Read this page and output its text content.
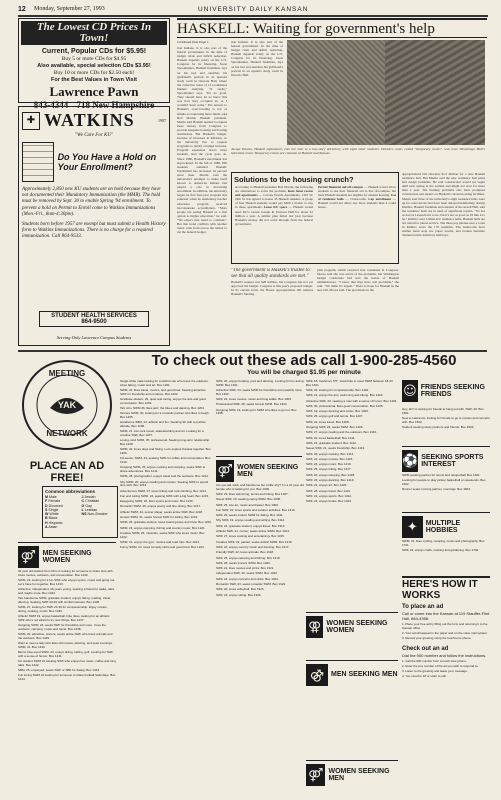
12 Monday, September 27, 1993	UNIVERSITY DAILY KANSAN
The Lowest CD Prices In Town!
Current, Popular CDs for $5.95!
Buy 5 or more CDs for $4.95
Also available, special selection CDs $3.95!
Buy 10 or more CDs for $2.50 each!
For the Best Values in Town Visit
Lawrence Pawn
843-4344 718 New Hampshire
✚ WATKINS	1907
"We Care For KU"
Do You Have a Hold on Your Enrollment?
Approximately 2,850 new KU students are on hold because they have not documented their Mandatory Immunization (the MMR). The hold must be removed by Sept. 30 to enable Spring '94 enrollment. To prevent a hold on Permit to Enroll come to Watkins Immunizations (Mon.-Fri., 8am-4:30pm).
Students born before 1957 are exempt but must submit a Health History form to Watkins Immunizations. There is no charge for a required immunization. Call 864-9533.
STUDENT HEALTH SERVICES
864-9500
Serving Only Lawrence Campus Students
HASKELL: Waiting for government's help
Continued from Page 1.
tion Indians. It is also part of the federal government. In the time of budget crisis and deficit reduction, Haskell depends solely on the U.S. Congress for its financing. Jason Spoonhunter, Haskell freshman, lays on his bed and sketches his girlfriend's portrait in an upstairs study room in Osceola Hall, where the collective noise of 12 roommates hinders studying. "It sucks," Spoonhunter says. "It's no good. They should have let us know this was how they occupied us, or I wouldn't have come." The answer to Haskell's overcrowding is not as simple as requesting more funds, said Bob Martin, Haskell president. Martin said Haskell needed to request more money from Congress to provide adequate housing and hosting dormitories. But Haskell's budget, because of increases in inflation, so the university has to request programs to justify a budget increase. Program expansion draws more students. And the cycle goes on. Since 1980, Haskell's enrollment has skyrocketed. In the fall of 1986, 865 students attended Haskell. Enrollment has increased 19 percent since then. Martin said the university's attempts to make itself known to American Indians had played a role in increasing enrollment. In addition, the university began its first four-year program this semester when its elementary teacher education program received baccalaureate accreditation. "More people are seeing Haskell as a first option to higher education," he said. "We expect that trend to continue." But that trend conflicts with another trend: calls from across the nation to cut the federal budget.
tion Indians. It is also part of the federal government. In the time of budget crisis and deficit reduction, Haskell depends solely on the U.S. Congress for its financing. Jason Spoonhunter, Haskell freshman, lays on his bed and sketches his girlfriend's portrait in an upstairs study room in Osceola Hall.
Jacqui Dovelo, Haskell sophomore, cuts her hair in a two-story dormitory with eight other students. Dovelo's room, called "temporary rooms", was once Winnebago Hall's television room. Temporary rooms are common at Haskell and Kansas.
Solutions to the housing crunch?
According to Haskell president Bob Martin, the following are alternatives to solve the problem. Rent hotel rooms and apartments — Colony Woods Apartments, 1301 W. 24th St. has agreed to house 45 Haskell students. A group of four Haskell students would pay $400 a month to stay in these apartments. Lease KU space — Haskell would need KU's vacant Joseph R. Pearson Hall for about $1 million a year. A similar plan failed last year because Haskell's money did not come through from the federal government.
Permit financial aid off-campus — Haskell would allow students to use their financial aid to live off-campus, but most Haskell students are eligible for student housing. Use of residence halls — Classrooms. Cap enrollment — Haskell would not allow any more students than it could house.
appropriations bill allocates $1.5 million for a new Haskell residence hall. But Martin said the new residence hall plans had design problems. He said construction would not begin until next spring at the earliest and might not start for more than a year. The funding problems also have prompted construction and repairs on Haskell's current housing facilities. Martin said three of the university's eight residence halls were up for renovations that have been delayed indefinitely. Randy Kimbro, Haskell freshman and resident of Roosevelt Hall, said the residence halls are in need of significant repairs. "It's not as bad as I expected it to be, but it's not as good as I'd like it to be," Kimbro said. Unlike KU residence halls, Haskell halls are not wired for phone service. The three pay phones near a room in Kimbro serve the 170 residents. The bathrooms have neither hand soap nor paper towels, and broken furniture cluttered some dormitory hallways.
"The government is Haskell's trustee to see that all quality standards are met."
Haskell's request was $28 million, but Congress has not yet approved the budget. Congress is this year's proposed budget. In its current form, the House appropriations bill reduces Haskell's funding.
plan program, which received less consensus in Congress. Moore said she was aware of the problems, but Washington budget constraints had tied the hands of Haskell administrators. "I know that they have real problems," she said. "We think it's urgent." There is hope for Haskell in the new bill. Moore said. The provisions in the
To check out these ads call 1-900-285-4560
You will be charged $1.95 per minute
MEETING
NETWORK
YAK
PLACE AN AD FREE!
Common abbreviations
M Male	J Jewish
F Female	C Christian
D Divorced	G Gay
S Single	L Lesbian
W White	NS Non-Smoker
B Black
H Hispanic
A Asian
⚤ MEN SEEKING WOMEN

34 year old student from Ohio is looking for someone to share time with. Likes movies, outdoors, and conversation. Box 1432.

SWM, 22, looking for a fun SWF who enjoys sports, music and going out. Let's have fun together. Box 1433.

Attractive, independent, 26 years young, seeking a friend for walks, talks and maybe more. Box 1434.

Tall, handsome SWM, graduate student, enjoys hiking, reading, travel, dancing. Seeking SWF 20-30 with similar interests. Box 1435.

SWM, 27, looking for SWF 21-30 for companionship. Enjoy movies, dining, cooking, music. Box 1436.

Athletic SWM 19, enjoys basketball, bike rides, looking for an athletic SWF who's not afraid to try new things. Box 1437.

Outgoing SWM, 23, seeks SWF for friendship and more. I love the outdoors, camping, music and travel. Box 1438.

SWM, 20, attractive, sincere, seeks active SWF who loves animals and the outdoors. Box 1439.

Want to meet a lady who likes old movies, dancing, and quiet evenings. SWM, 31. Box 1440.

Blond, blue-eyed SWM, 24, enjoys skiing, sailing, golf. Looking for SWF with a sense of humor. Box 1441.

KU student SWM 21 seeking SWF who enjoys live music, coffee and long talks. Box 1442.

SBM, 25, employed, seeks SWF or SBF for dating. Box 1443.

Fun loving SWM 22 looking for someone to share football Saturdays. Box 1444.

Single white male looking for a tactful man who loves the outdoors. Likes hiking, music and art. Box 1201.

SWM, 23, likes travel, movies, and good food. Seeking attractive SWF for friendship and romance. Box 1202.

Graduate student, 29, quiet and caring, enjoys the arts and good conversation. Box 1203.

Tall, slim, SWM 26, likes jazz, the blues and dancing. Box 1204.

Sincere SWM, 30, looking for a romantic partner who likes to laugh. Box 1205.

Handsome SBM, 24, athletic and fun. Seeking SF with a positive attitude. Box 1206.

SWM, 21, into rock music, skateboarding and art. Looking for a creative SWF. Box 1207.

Loving, kind SWM, 35, professional. Seeking long-term relationship. Box 1208.

SWM, 22, loves dogs and hiking. Let's explore Kansas together. Box 1209.

KU senior, SWM, 23, seeking SWF for coffee and conversation. Box 1210.

Outgoing SWM, 25, enjoys cooking and camping, seeks SWF to share adventures. Box 1211.

SWM, 28, photographer, enjoys travel and the outdoors. Box 1212.

Shy SWM, 20, enjoys reading and movies. Seeking SWF to spend time with. Box 1213.

Adventurous SWM, 27, loves biking and rock climbing. Box 1214.

Fun and caring SWM, 24, seeking SWF with a big heart. Box 1215.

Easygoing SWM, 26, likes sports and music. Box 1216.

Romantic SWM, 29, enjoys poetry and fine dining. Box 1217.

Athletic SWM, 22, soccer player, seeks active SWF. Box 1218.

Honest SWM, 31, seeks honest SWF for dating. Box 1219.

SWM, 25, graduate student, loves board games and trivia. Box 1220.

SWM, 23, enjoys camping, fishing and country music. Box 1221.

Creative SWM, 26, musician, seeks SWF who loves music. Box 1222.

SWM, 21, enjoys the gym, movies and road trips. Box 1223.

Funny SWM, 24, loves comedy clubs and good food. Box 1224.

⚤ WOMEN SEEKING MEN

SWF, 20, enjoys bowling, pool and dancing. Looking for fun-loving SWM. Box 1301.

Attractive SWF, 24, seeks SWM for friendship and possibly more. Box 1302.

SWF, 22, loves movies, music and long walks. Box 1303.

Professional SWF, 28, seeks honest SWM. Box 1304.

Outgoing SWF, 19, looking for SWM who likes to go out. Box 1305.

Are you tall, dark, and handsome but a little shy? I'm a 21 year old female who is looking for you. Box 1306.

SWF, 23, likes swimming, tennis and hiking. Box 1307.

Sweet SWF, 20, seeking caring SWM. Box 1308.

SWF, 25, into art, music and theater. Box 1309.

Fun SWF, 22, loves sports and outdoor activities. Box 1310.

SWF, 26, seeks mature SWM for dating. Box 1311.

Shy SWF, 19, enjoys reading and writing. Box 1312.

SWF, 24, graduate student, enjoys travel. Box 1313.

Athletic SWF, 21, runner, seeks active SWM. Box 1314.

SWF, 27, loves cooking and entertaining. Box 1315.

Creative SWF, 23, painter, seeks artistic SWM. Box 1316.

SWF, 20, enjoys country music and dancing. Box 1317.

Friendly SWF, 22, loves animals. Box 1318.

SWF, 25, enjoys camping and fishing. Box 1319.

SWF, 28, seeks sincere SWM. Box 1320.

SWF, 21, likes movies and pizza. Box 1321.

Independent SWF, 26, seeks SWM. Box 1322.

SWF, 24, enjoys concerts and clubs. Box 1323.

Romantic SWF, 23, seeks romantic SWM. Box 1324.

SWF, 20, loves volleyball. Box 1325.

SWF, 22, enjoys skiing. Box 1326.

SWF, 18, freshman, 5'5", would like to meet SWM between 18-23. Box 1401.

SWF, 26, looking for companionship. Box 1402.

SWF, 21, enjoys the arts, swimming and biking. Box 1403.

Attractive SWF, 23, seeking a man with a sense of humor. Box 1404.

SWF, 30, professional, likes good conversation. Box 1405.

SWF, 19, enjoys dancing and music. Box 1406.

SWF, 25, enjoys golf and tennis. Box 1407.

SWF, 22, loves travel. Box 1408.

Outgoing SWF, 24, seeks SWM. Box 1409.

SWF, 27, enjoys reading and the outdoors. Box 1410.

SWF, 20, loves basketball. Box 1411.

SWF, 23, graduate student. Box 1412.

Sweet SWF, 21, seeks friendship. Box 1413.

SWF, 26, enjoys cooking. Box 1414.

SWF, 22, enjoys movies. Box 1415.

SWF, 24, enjoys music. Box 1416.

SWF, 25, enjoys hiking. Box 1417.

SWF, 20, enjoys camping. Box 1418.

SWF, 23, enjoys dancing. Box 1419.

SWF, 21, enjoys art. Box 1420.

SWF, 28, enjoys travel. Box 1421.

SWF, 22, enjoys sports. Box 1422.

SWF, 24, enjoys books. Box 1423.

⚢ WOMEN SEEKING WOMEN
⚣ MEN SEEKING MEN
⚤ WOMEN SEEKING MEN
☺ FRIENDS SEEKING FRIENDS

Hey, all! I'm looking for friends to hang out with. SWF, 20. Box 1501.

New to Lawrence, looking for friends to go to movies and concerts with. Box 1502.

Student seeking study partners and friends. Box 1503.

⚽ SEEKING SPORTS INTEREST

SWM seeking partner for tennis and racquetball. Box 1601.

Looking for people to play pickup basketball on weekends. Box 1602.

Runner seeks running partner, mornings. Box 1603.

✦	MULTIPLE HOBBIES

SWM, 24, likes cycling, camping, music and photography. Box 1701.

SWF, 22, enjoys crafts, cooking and gardening. Box 1702.

HERE'S HOW IT WORKS
To place an ad
Call or come into the Kansan at 119 Stauffer-Flint Hall, 864-4358.

1. Place your free ad by filling out the form and returning it to the Kansan office.

2. Your ad will appear in the paper and on the voice mail system.

3. Record your greeting using the touch-tone phone.

Check out an ad
Dial the 900 number and follow the instructions.

1. Call the 900 number from a touch-tone phone.

2. Enter the box number of the ad you wish to respond to.

3. Listen to the greeting and leave your message.

4. You must be 18 or older to call.
